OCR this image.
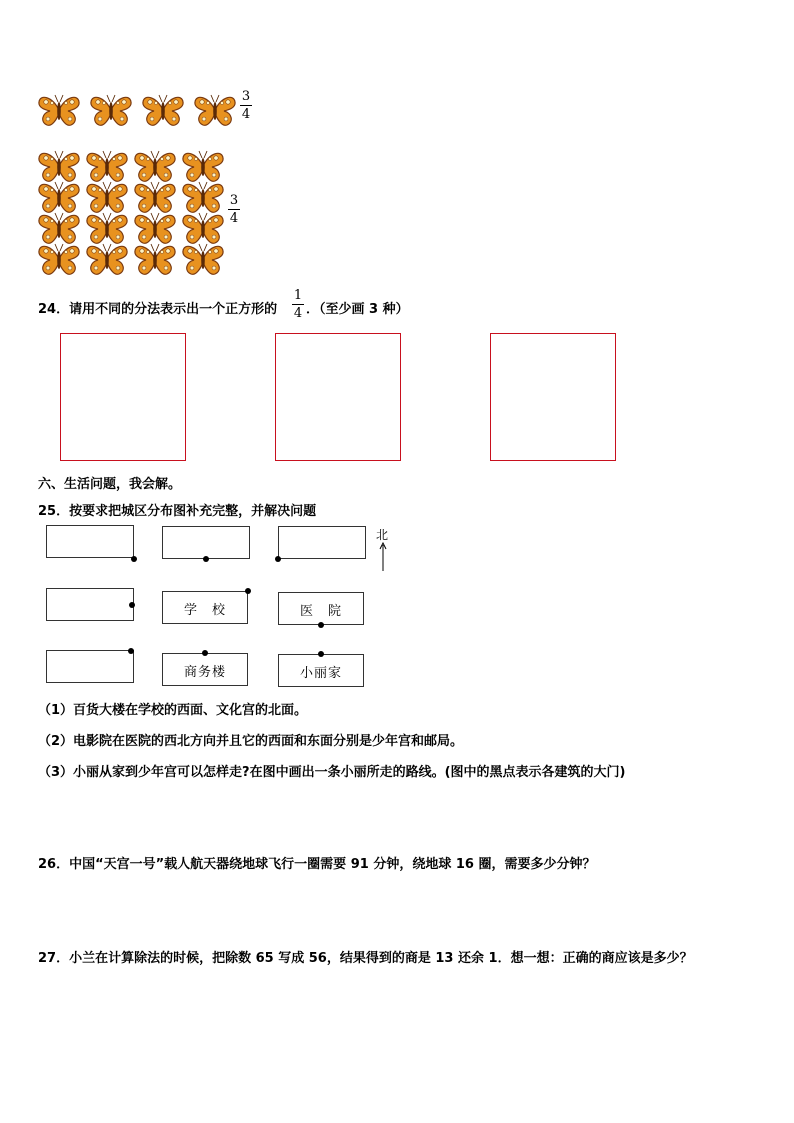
3
4
3
4
24．请用不同的分法表示出一个正方形的
1
4 ．（至少画 3 种）
六、生活问题，我会解。
25．按要求把城区分布图补充完整，并解决问题
北
学　校	医　院
商务楼	小丽家
（1）百货大楼在学校的西面、文化宫的北面。
（2）电影院在医院的西北方向并且它的西面和东面分别是少年宫和邮局。
（3）小丽从家到少年宫可以怎样走?在图中画出一条小丽所走的路线。(图中的黑点表示各建筑的大门)
26．中国“天宫一号”载人航天器绕地球飞行一圈需要 91 分钟，绕地球 16 圈，需要多少分钟？
27．小兰在计算除法的时候，把除数 65 写成 56，结果得到的商是 13 还余 1．想一想：正确的商应该是多少？
